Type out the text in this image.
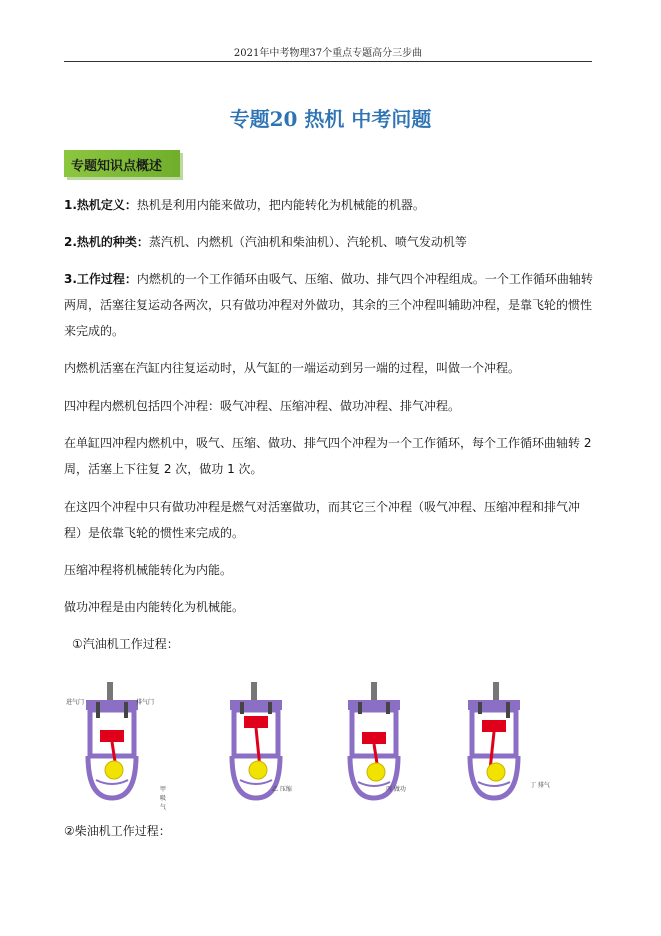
2021年中考物理37个重点专题高分三步曲
专题20 热机 中考问题
专题知识点概述
1.热机定义：热机是利用内能来做功，把内能转化为机械能的机器。
2.热机的种类：蒸汽机、内燃机（汽油机和柴油机）、汽轮机、喷气发动机等
3.工作过程：内燃机的一个工作循环由吸气、压缩、做功、排气四个冲程组成。一个工作循环曲轴转两周，活塞往复运动各两次，只有做功冲程对外做功，其余的三个冲程叫辅助冲程，是靠飞轮的惯性来完成的。
内燃机活塞在汽缸内往复运动时，从气缸的一端运动到另一端的过程，叫做一个冲程。
四冲程内燃机包括四个冲程：吸气冲程、压缩冲程、做功冲程、排气冲程。
在单缸四冲程内燃机中，吸气、压缩、做功、排气四个冲程为一个工作循环，每个工作循环曲轴转 2 周，活塞上下往复 2 次，做功 1 次。
在这四个冲程中只有做功冲程是燃气对活塞做功，而其它三个冲程（吸气冲程、压缩冲程和排气冲程）是依靠飞轮的惯性来完成的。
压缩冲程将机械能转化为内能。
做功冲程是由内能转化为机械能。
①汽油机工作过程：
进气门	排气门
甲 吸气
乙 压缩	丙 做功
丁 排气
②柴油机工作过程：
